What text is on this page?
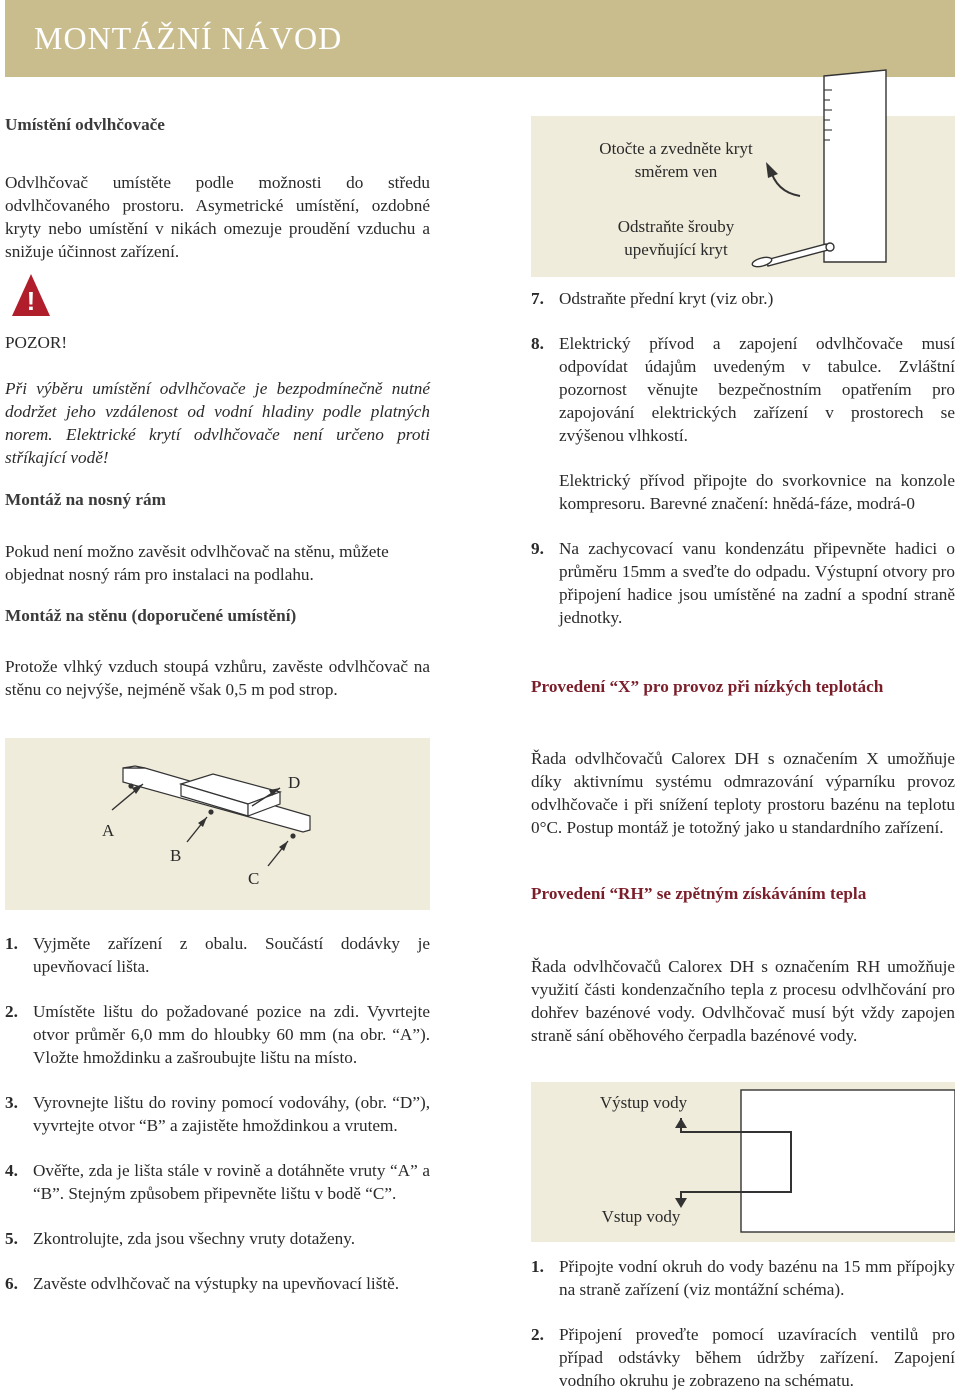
MONTÁŽNÍ NÁVOD
Umístění odvlhčovače

Odvlhčovač umístěte podle možnosti do středu odvlhčovaného prostoru. Asymetrické umístění, ozdobné kryty nebo umístění v nikách omezuje proudění vzduchu a snižuje účinnost zařízení.

!

POZOR!

Při výběru umístění odvlhčovače je bezpodmínečně nutné dodržet jeho vzdálenost od vodní hladiny podle platných norem. Elektrické krytí odvlhčovače není určeno proti stříkající vodě!

Montáž na nosný rám

Pokud není možno zavěsit odvlhčovač na stěnu, můžete objednat nosný rám pro instalaci na podlahu.

Montáž na stěnu (doporučené umístění)

Protože vlhký vzduch stoupá vzhůru, zavěste odvlhčovač na stěnu co nejvýše, nejméně však 0,5 m pod strop.

A
B
C
D
1. Vyjměte zařízení z obalu. Součástí dodávky je upevňovací lišta.
2. Umístěte lištu do požadované pozice na zdi. Vyvrtejte otvor průměr 6,0 mm do hloubky 60 mm (na obr. “A”). Vložte hmoždinku a zašroubujte lištu na místo.
3. Vyrovnejte lištu do roviny pomocí vodováhy, (obr. “D”), vyvrtejte otvor “B” a zajistěte hmoždinkou a vrutem.
4. Ověřte, zda je lišta stále v rovině a dotáhněte vruty “A” a “B”. Stejným způsobem připevněte lištu v bodě “C”.
5. Zkontrolujte, zda jsou všechny vruty dotaženy.
6. Zavěste odvlhčovač na výstupky na upevňovací liště.
Otočte a zvedněte kryt směrem ven
Odstraňte šrouby upevňující kryt
7. Odstraňte přední kryt (viz obr.)
8. Elektrický přívod a zapojení odvlhčovače musí odpovídat údajům uvedeným v tabulce. Zvláštní pozornost věnujte bezpečnostním opatřením pro zapojování elektrických zařízení v prostorech se zvýšenou vlhkostí.
Elektrický přívod připojte do svorkovnice na konzole kompresoru. Barevné značení: hnědá-fáze, modrá-0
9. Na zachycovací vanu kondenzátu připevněte hadici o průměru 15mm a sveďte do odpadu. Výstupní otvory pro připojení hadice jsou umístěné na zadní a spodní straně jednotky.
Provedení “X” pro provoz při nízkých teplotách

Řada odvlhčovačů Calorex DH s označením X umožňuje díky aktivnímu systému odmrazování výparníku provoz odvlhčovače i při snížení teploty prostoru bazénu na teplotu 0°C. Postup montáž je totožný jako u standardního zařízení.

Provedení “RH” se zpětným získáváním tepla

Řada odvlhčovačů Calorex DH s označením RH umožňuje využití části kondenzačního tepla z procesu odvlhčování pro dohřev bazénové vody. Odvlhčovač musí být vždy zapojen straně sání oběhového čerpadla bazénové vody.

Výstup vody
Vstup vody
1. Připojte vodní okruh do vody bazénu na 15 mm přípojky na straně zařízení (viz montážní schéma).
2. Připojení proveďte pomocí uzavíracích ventilů pro případ odstávky během údržby zařízení. Zapojení vodního okruhu je zobrazeno na schématu.
